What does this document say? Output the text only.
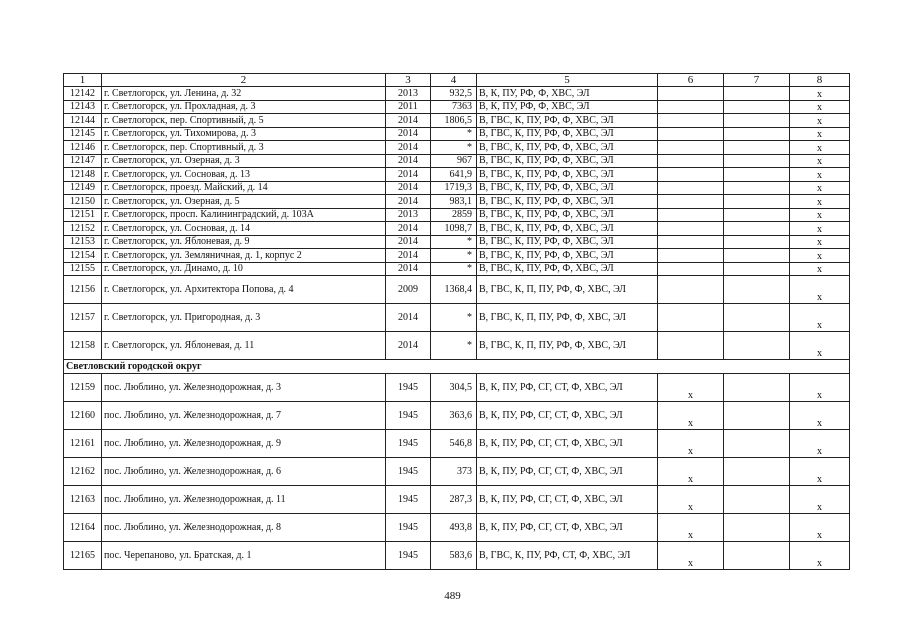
1	2	3	4	5	6	7	8
12142	г. Светлогорск, ул. Ленина, д. 32	2013	932,5	В, К, ПУ, РФ, Ф, ХВС, ЭЛ			х
12143	г. Светлогорск, ул. Прохладная, д. 3	2011	7363	В, К, ПУ, РФ, Ф, ХВС, ЭЛ			х
12144	г. Светлогорск, пер. Спортивный, д. 5	2014	1806,5	В, ГВС, К, ПУ, РФ, Ф, ХВС, ЭЛ			х
12145	г. Светлогорск, ул. Тихомирова, д. 3	2014	*	В, ГВС, К, ПУ, РФ, Ф, ХВС, ЭЛ			х
12146	г. Светлогорск, пер. Спортивный, д. 3	2014	*	В, ГВС, К, ПУ, РФ, Ф, ХВС, ЭЛ			х
12147	г. Светлогорск, ул. Озерная, д. 3	2014	967	В, ГВС, К, ПУ, РФ, Ф, ХВС, ЭЛ			х
12148	г. Светлогорск, ул. Сосновая, д. 13	2014	641,9	В, ГВС, К, ПУ, РФ, Ф, ХВС, ЭЛ			х
12149	г. Светлогорск, проезд. Майский, д. 14	2014	1719,3	В, ГВС, К, ПУ, РФ, Ф, ХВС, ЭЛ			х
12150	г. Светлогорск, ул. Озерная, д. 5	2014	983,1	В, ГВС, К, ПУ, РФ, Ф, ХВС, ЭЛ			х
12151	г. Светлогорск, просп. Калининградский, д. 103А	2013	2859	В, ГВС, К, ПУ, РФ, Ф, ХВС, ЭЛ			х
12152	г. Светлогорск, ул. Сосновая, д. 14	2014	1098,7	В, ГВС, К, ПУ, РФ, Ф, ХВС, ЭЛ			х
12153	г. Светлогорск, ул. Яблоневая, д. 9	2014	*	В, ГВС, К, ПУ, РФ, Ф, ХВС, ЭЛ			х
12154	г. Светлогорск, ул. Земляничная, д. 1, корпус 2	2014	*	В, ГВС, К, ПУ, РФ, Ф, ХВС, ЭЛ			х
12155	г. Светлогорск, ул. Динамо, д. 10	2014	*	В, ГВС, К, ПУ, РФ, Ф, ХВС, ЭЛ			х
12156	г. Светлогорск, ул. Архитектора Попова, д. 4	2009	1368,4	В, ГВС, К, П, ПУ, РФ, Ф, ХВС, ЭЛ			х
12157	г. Светлогорск, ул. Пригородная, д. 3	2014	*	В, ГВС, К, П, ПУ, РФ, Ф, ХВС, ЭЛ			х
12158	г. Светлогорск, ул. Яблоневая, д. 11	2014	*	В, ГВС, К, П, ПУ, РФ, Ф, ХВС, ЭЛ			х
Светловский городской округ							
12159	пос. Люблино, ул. Железнодорожная, д. 3	1945	304,5	В, К, ПУ, РФ, СГ, СТ, Ф, ХВС, ЭЛ	х		х
12160	пос. Люблино, ул. Железнодорожная, д. 7	1945	363,6	В, К, ПУ, РФ, СГ, СТ, Ф, ХВС, ЭЛ	х		х
12161	пос. Люблино, ул. Железнодорожная, д. 9	1945	546,8	В, К, ПУ, РФ, СГ, СТ, Ф, ХВС, ЭЛ	х		х
12162	пос. Люблино, ул. Железнодорожная, д. 6	1945	373	В, К, ПУ, РФ, СГ, СТ, Ф, ХВС, ЭЛ	х		х
12163	пос. Люблино, ул. Железнодорожная, д. 11	1945	287,3	В, К, ПУ, РФ, СГ, СТ, Ф, ХВС, ЭЛ	х		х
12164	пос. Люблино, ул. Железнодорожная, д. 8	1945	493,8	В, К, ПУ, РФ, СГ, СТ, Ф, ХВС, ЭЛ	х		х
12165	пос. Черепаново, ул. Братская, д. 1	1945	583,6	В, ГВС, К, ПУ, РФ, СТ, Ф, ХВС, ЭЛ	х		х
489
